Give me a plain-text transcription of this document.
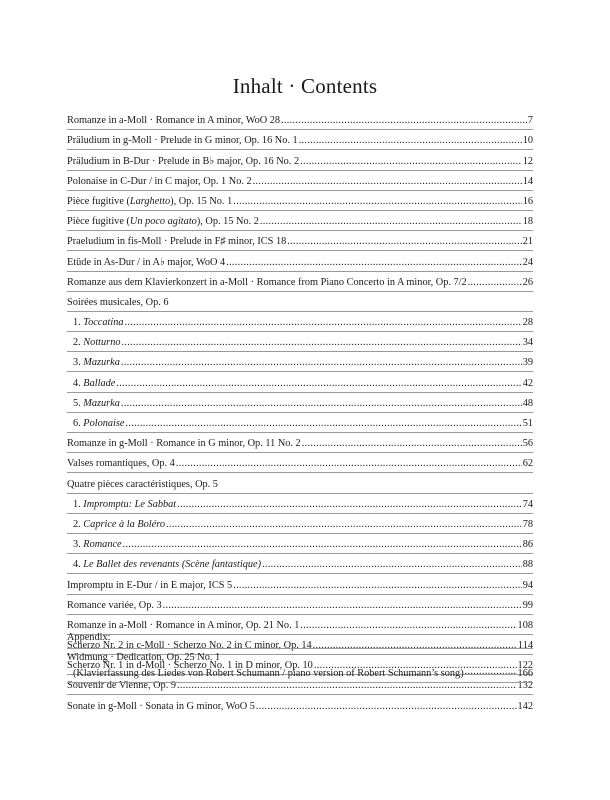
Inhalt · Contents
Romanze in a-Moll · Romance in A minor, WoO 28 .....	7
Präludium in g-Moll · Prelude in G minor, Op. 16 No. 1 .....	10
Präludium in B-Dur · Prelude in B♭ major, Op. 16 No. 2 .....	12
Polonaise in C-Dur / in C major, Op. 1 No. 2 .....	14
Pièce fugitive (Larghetto), Op. 15 No. 1 .....	16
Pièce fugitive (Un poco agitato), Op. 15 No. 2 .....	18
Praeludium in fis-Moll · Prelude in F♯ minor, ICS 18 .....	21
Etüde in As-Dur / in A♭ major, WoO 4 .....	24
Romanze aus dem Klavierkonzert in a-Moll · Romance from Piano Concerto in A minor, Op. 7/2 .....	26
Soirées musicales, Op. 6
1. Toccatina .....	28
2. Notturno .....	34
3. Mazurka .....	39
4. Ballade .....	42
5. Mazurka .....	48
6. Polonaise .....	51
Romanze in g-Moll · Romance in G minor, Op. 11 No. 2 .....	56
Valses romantiques, Op. 4 .....	62
Quatre pièces caractéristiques, Op. 5
1. Impromptu: Le Sabbat .....	74
2. Caprice à la Boléro .....	78
3. Romance .....	86
4. Le Ballet des revenants (Scène fantastique) .....	88
Impromptu in E-Dur / in E major, ICS 5 .....	94
Romance variée, Op. 3 .....	99
Romanze in a-Moll · Romance in A minor, Op. 21 No. 1 .....	108
Scherzo Nr. 2 in c-Moll · Scherzo No. 2 in C minor, Op. 14 .....	114
Scherzo Nr. 1 in d-Moll · Scherzo No. 1 in D minor, Op. 10 .....	122
Souvenir de Vienne, Op. 9 .....	132
Sonate in g-Moll · Sonata in G minor, WoO 5 .....	142
Appendix:
Widmung · Dedication, Op. 25 No. 1
(Klavierfassung des Liedes von Robert Schumann / piano version of Robert Schumann’s song) .....	166
